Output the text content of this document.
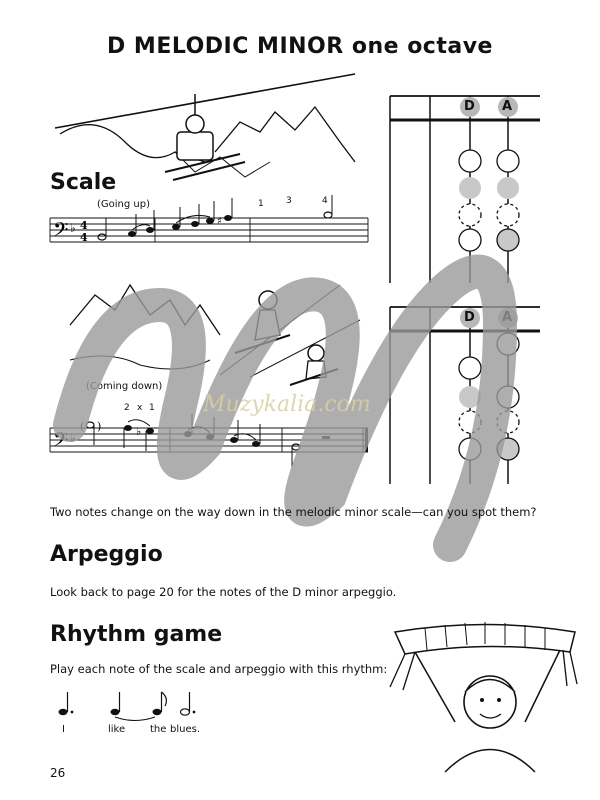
D MELODIC MINOR one octave
Scale
(Going up)
𝄢 ♭ 4
4
♯
1 3	4
(Coming down)
2 x 1
𝄢 ♭
( )	♭
D A
D A
Muzykalia.com

Two notes change on the way down in the melodic minor scale—can you spot them?

Arpeggio

Look back to page 20 for the notes of the D minor arpeggio.

Rhythm game

Play each note of the scale and arpeggio with this rhythm:

I	like the blues.
26
